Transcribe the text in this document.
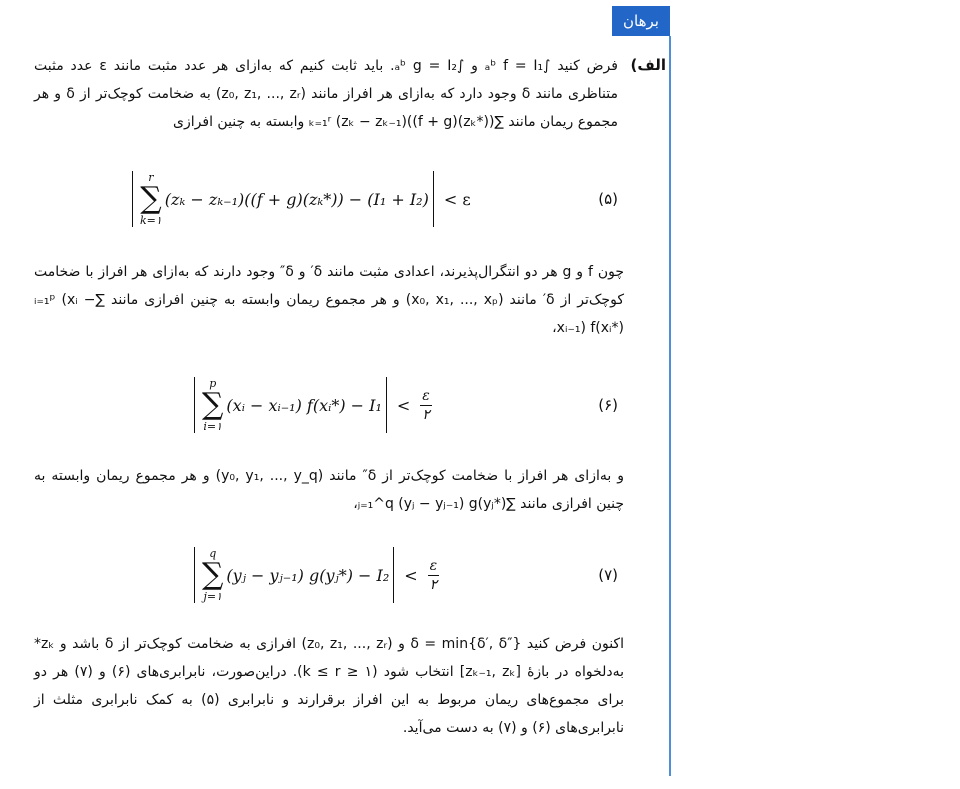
برهان
الف)
فرض کنید ∫ₐᵇ f = I₁ و ∫ₐᵇ g = I₂. باید ثابت کنیم که به‌ازای هر عدد مثبت مانند ε عدد مثبت متناظری مانند δ وجود دارد که به‌ازای هر افراز مانند (z₀, z₁, ..., zᵣ) به ضخامت کوچک‌تر از δ و هر مجموع ریمان مانند ∑ₖ₌₁ʳ (zₖ − zₖ₋₁)((f + g)(zₖ*)) وابسته به چنین افرازی
r
∑
k=۱
(zₖ − zₖ₋₁)((f + g)(zₖ*)) − (I₁ + I₂) < ε	(۵)
چون f و g هر دو انتگرال‌پذیرند، اعدادی مثبت مانند δ′ و δ″ وجود دارند که به‌ازای هر افراز با ضخامت کوچک‌تر از δ′ مانند (x₀, x₁, ..., xₚ) و هر مجموع ریمان وابسته به چنین افرازی مانند ∑ᵢ₌₁ᵖ (xᵢ − xᵢ₋₁) f(xᵢ*)،
p
∑
i=۱
(xᵢ − xᵢ₋₁) f(xᵢ*) − $I_1 < \frac{\varepsilon}{۲}$	(۶)
و به‌ازای هر افراز با ضخامت کوچک‌تر از δ″ مانند (y₀, y₁, ..., y_q) و هر مجموع ریمان وابسته به چنین افرازی مانند ∑ⱼ₌₁^q (yⱼ − yⱼ₋₁) g(yⱼ*)،
q
∑
j=۱
(yⱼ − yⱼ₋₁) g(yⱼ*) − $I_2 < \frac{\varepsilon}{۲}$	(۷)
اکنون فرض کنید δ = min{δ′, δ″} و (z₀, z₁, ..., zᵣ) افرازی به ضخامت کوچک‌تر از δ باشد و zₖ* به‌دلخواه در بازهٔ [zₖ₋₁, zₖ] انتخاب شود (۱ ≤ k ≤ r). دراین‌صورت، نابرابری‌های (۶) و (۷) هر دو برای مجموع‌های ریمان مربوط به این افراز برقرارند و نابرابری (۵) به کمک نابرابری مثلث از نابرابری‌های (۶) و (۷) به دست می‌آید.
